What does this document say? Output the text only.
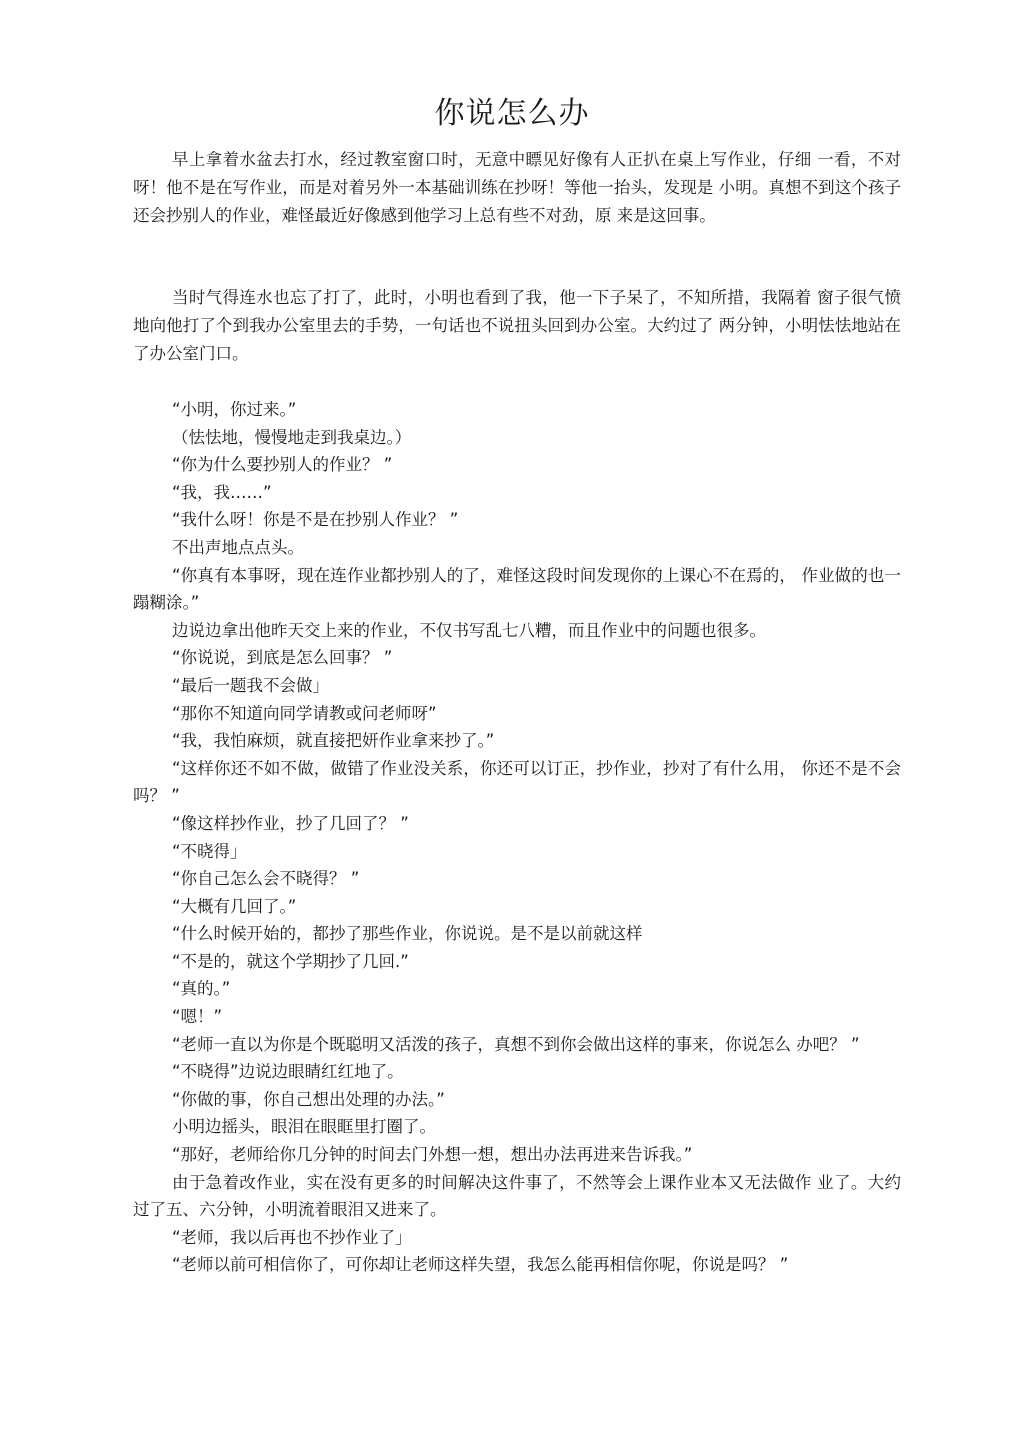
你说怎么办

早上拿着水盆去打水，经过教室窗口时，无意中瞟见好像有人正扒在桌上写作业，仔细 一看，不对呀！他不是在写作业，而是对着另外一本基础训练在抄呀！等他一抬头，发现是 小明。真想不到这个孩子还会抄别人的作业，难怪最近好像感到他学习上总有些不对劲，原 来是这回事。

当时气得连水也忘了打了，此时，小明也看到了我，他一下子呆了，不知所措，我隔着 窗子很气愤地向他打了个到我办公室里去的手势，一句话也不说扭头回到办公室。大约过了 两分钟，小明怯怯地站在了办公室门口。

“小明，你过来。”
（怯怯地，慢慢地走到我桌边。）
“你为什么要抄别人的作业？ ”
“我，我……”
“我什么呀！你是不是在抄别人作业？ ”
不出声地点点头。
“你真有本事呀，现在连作业都抄别人的了，难怪这段时间发现你的上课心不在焉的， 作业做的也一蹋糊涂。”
边说边拿出他昨天交上来的作业，不仅书写乱七八糟，而且作业中的问题也很多。
“你说说，到底是怎么回事？ ”
“最后一题我不会做」
“那你不知道向同学请教或问老师呀”
“我，我怕麻烦，就直接把妍作业拿来抄了。”
“这样你还不如不做，做错了作业没关系，你还可以订正，抄作业，抄对了有什么用， 你还不是不会吗？ ”
“像这样抄作业，抄了几回了？ ”
“不晓得」
“你自己怎么会不晓得？ ”
“大概有几回了。”
“什么时候开始的，都抄了那些作业，你说说。是不是以前就这样
“不是的，就这个学期抄了几回.”
“真的。”
“嗯！”
“老师一直以为你是个既聪明又活泼的孩子，真想不到你会做出这样的事来，你说怎么 办吧？ ”
“不晓得”边说边眼睛红红地了。
“你做的事，你自己想出处理的办法。”
小明边摇头，眼泪在眼眶里打圈了。
“那好，老师给你几分钟的时间去门外想一想，想出办法再进来告诉我。”
由于急着改作业，实在没有更多的时间解决这件事了，不然等会上课作业本又无法做作 业了。大约过了五、六分钟，小明流着眼泪又进来了。
“老师，我以后再也不抄作业了」
“老师以前可相信你了，可你却让老师这样失望，我怎么能再相信你呢，你说是吗？ ”
